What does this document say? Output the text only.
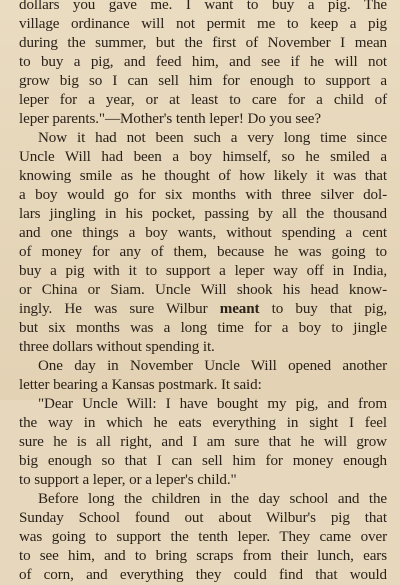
dollars you gave me. I want to buy a pig. The

village ordinance will not permit me to keep a pig

during the summer, but the first of November I mean

to buy a pig, and feed him, and see if he will not

grow big so I can sell him for enough to support a

leper for a year, or at least to care for a child of

leper parents."—Mother's tenth leper! Do you see?

Now it had not been such a very long time since

Uncle Will had been a boy himself, so he smiled a

knowing smile as he thought of how likely it was that

a boy would go for six months with three silver dol-

lars jingling in his pocket, passing by all the thousand

and one things a boy wants, without spending a cent

of money for any of them, because he was going to

buy a pig with it to support a leper way off in India,

or China or Siam. Uncle Will shook his head know-

ingly. He was sure Wilbur meant to buy that pig,

but six months was a long time for a boy to jingle

three dollars without spending it.

One day in November Uncle Will opened another

letter bearing a Kansas postmark. It said:

"Dear Uncle Will: I have bought my pig, and from

the way in which he eats everything in sight I feel

sure he is all right, and I am sure that he will grow

big enough so that I can sell him for money enough

to support a leper, or a leper's child."

Before long the children in the day school and the

Sunday School found out about Wilbur's pig that

was going to support the tenth leper. They came over

to see him, and to bring scraps from their lunch, ears

of corn, and everything they could find that would
